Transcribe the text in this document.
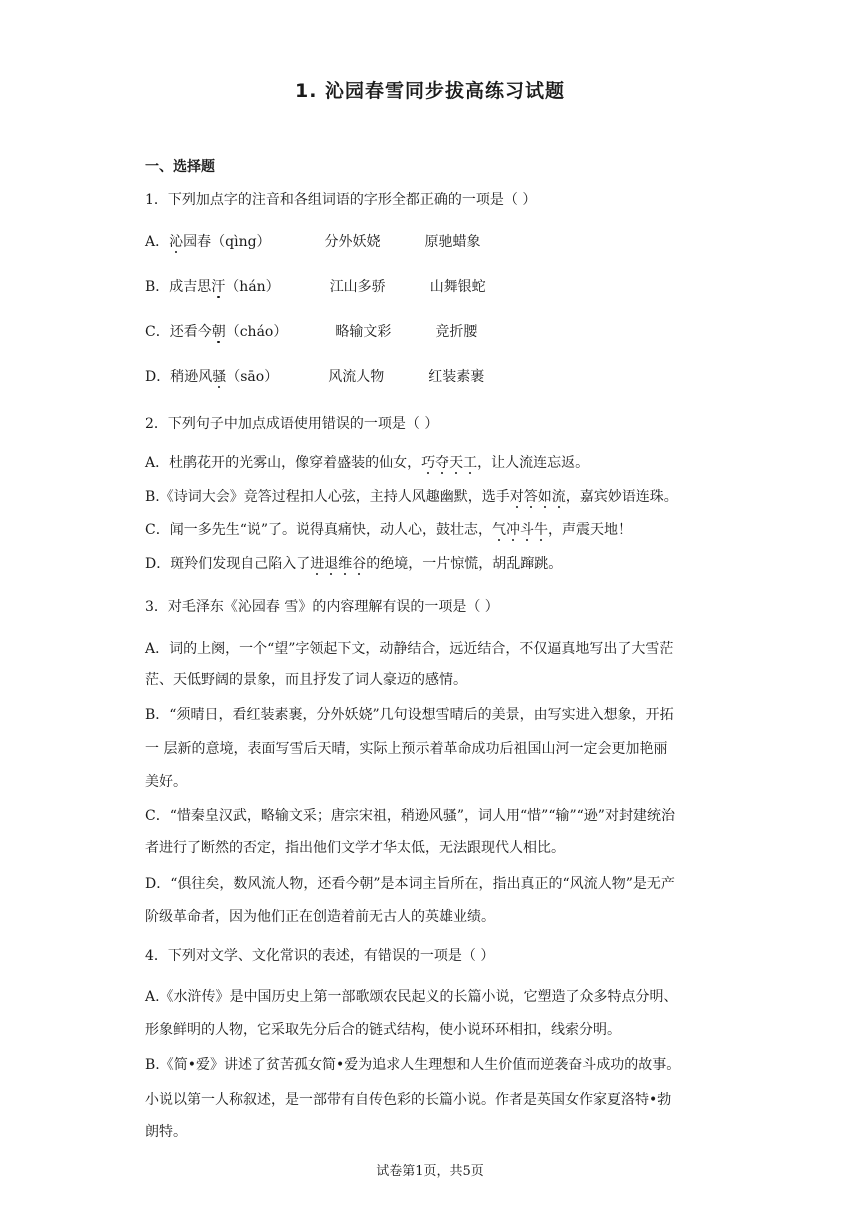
1. 沁园春雪同步拔高练习试题
一、选择题
1．下列加点字的注音和各组词语的字形全都正确的一项是（ ）
A．沁园春（qìng）	分外妖娆	原驰蜡象
B．成吉思汗（hán）	江山多骄	山舞银蛇
C．还看今朝（cháo）	略输文彩	竞折腰
D．稍逊风骚（sāo）	风流人物	红装素裹
2．下列句子中加点成语使用错误的一项是（ ）
A．杜鹃花开的光雾山，像穿着盛装的仙女，巧夺天工，让人流连忘返。
B.《诗词大会》竞答过程扣人心弦，主持人风趣幽默，选手对答如流，嘉宾妙语连珠。
C．闻一多先生“说”了。说得真痛快，动人心，鼓壮志，气冲斗牛，声震天地！
D．斑羚们发现自己陷入了进退维谷的绝境，一片惊慌，胡乱蹿跳。
3．对毛泽东《沁园春 雪》的内容理解有误的一项是（ ）
A．词的上阕，一个“望”字领起下文，动静结合，远近结合，不仅逼真地写出了大雪茫
茫、天低野阔的景象，而且抒发了词人豪迈的感情。
B．“须晴日，看红装素裹，分外妖娆”几句设想雪晴后的美景，由写实进入想象，开拓
一 层新的意境，表面写雪后天晴，实际上预示着革命成功后祖国山河一定会更加艳丽
美好。
C．“惜秦皇汉武，略输文采；唐宗宋祖，稍逊风骚”，词人用“惜”“输”“逊”对封建统治
者进行了断然的否定，指出他们文学才华太低，无法跟现代人相比。
D．“俱往矣，数风流人物，还看今朝”是本词主旨所在，指出真正的“风流人物”是无产
阶级革命者，因为他们正在创造着前无古人的英雄业绩。
4．下列对文学、文化常识的表述，有错误的一项是（ ）
A.《水浒传》是中国历史上第一部歌颂农民起义的长篇小说，它塑造了众多特点分明、
形象鲜明的人物，它采取先分后合的链式结构，使小说环环相扣，线索分明。
B.《简•爱》讲述了贫苦孤女简•爱为追求人生理想和人生价值而逆袭奋斗成功的故事。
小说以第一人称叙述，是一部带有自传色彩的长篇小说。作者是英国女作家夏洛特•勃
朗特。
试卷第1页，共5页
